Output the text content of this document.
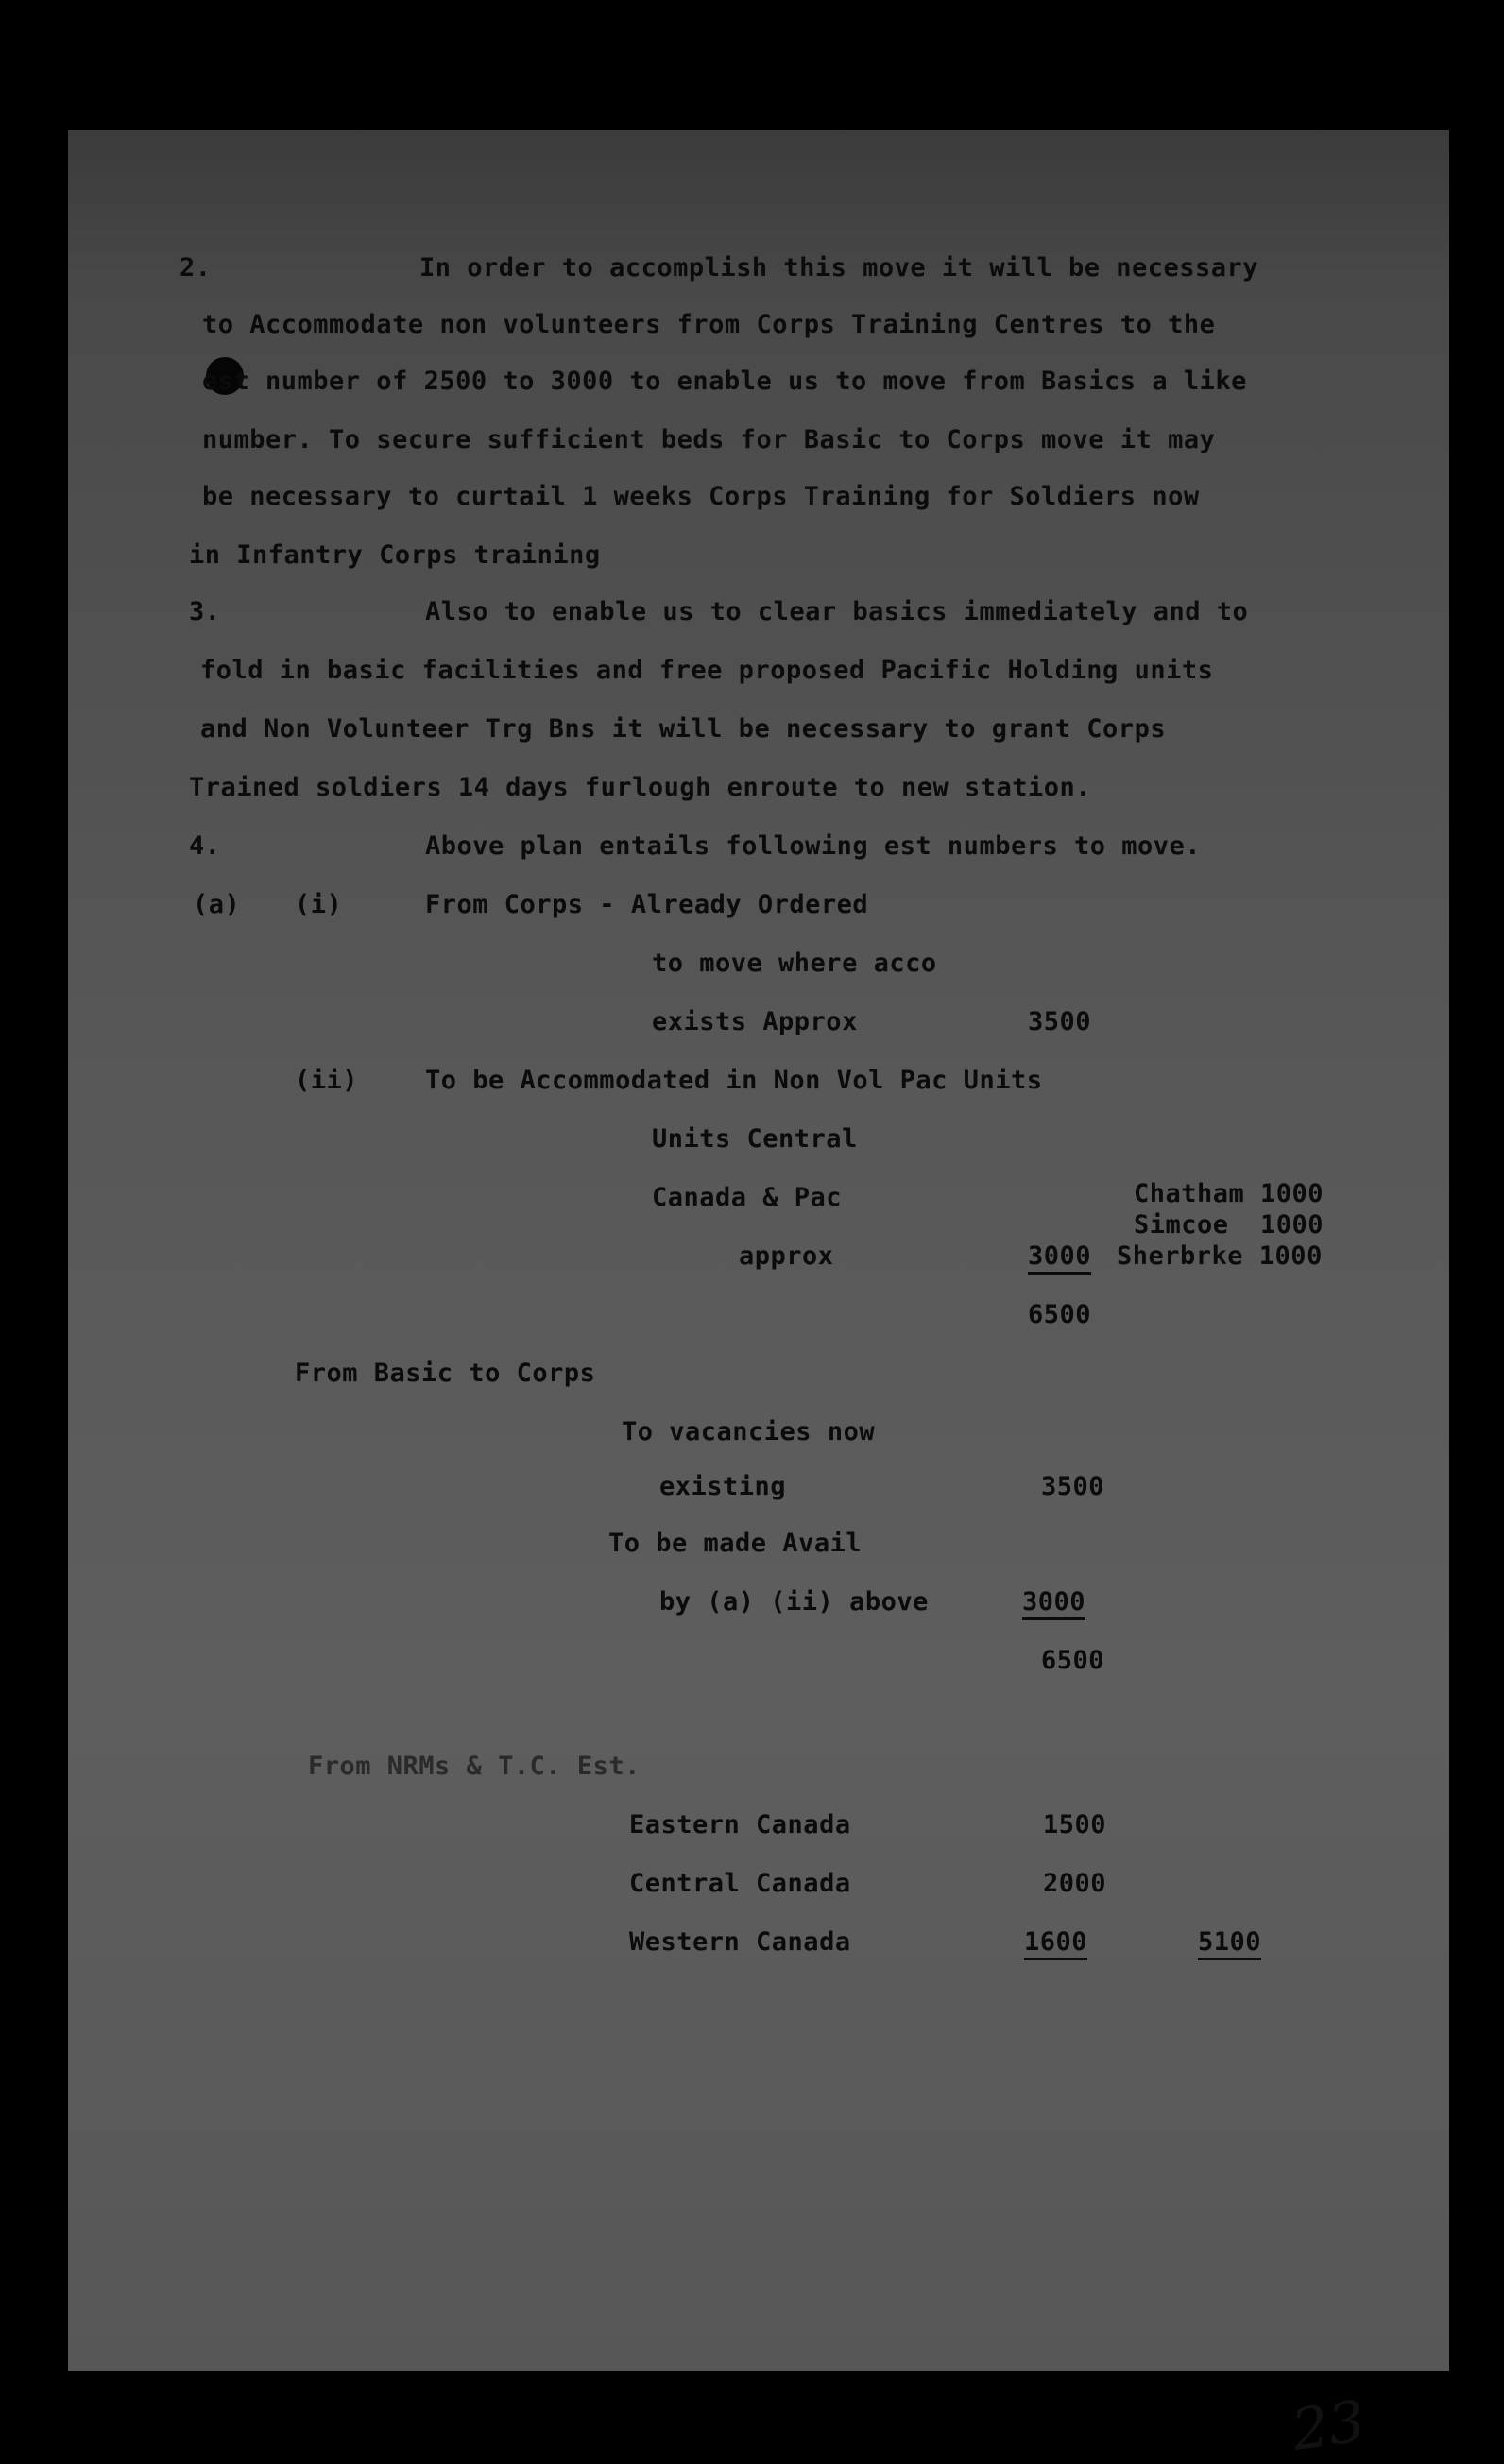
2.	In order to accomplish this move it will be necessary
to Accommodate non volunteers from Corps Training Centres to the
est number of 2500 to 3000 to enable us to move from Basics a like
number. To secure sufficient beds for Basic to Corps move it may
be necessary to curtail 1 weeks Corps Training for Soldiers now
in Infantry Corps training
3.	Also to enable us to clear basics immediately and to
fold in basic facilities and free proposed Pacific Holding units
and Non Volunteer Trg Bns it will be necessary to grant Corps
Trained soldiers 14 days furlough enroute to new station.
4.	Above plan entails following est numbers to move.
(a) (i)	From Corps - Already Ordered
to move where acco
exists Approx	3500
(ii)	To be Accommodated in Non Vol Pac Units
Units Central
Canada & Pac
approx	3000
Chatham 1000
Simcoe  1000
Sherbrke 1000
6500
From Basic to Corps
To vacancies now
existing	3500
To be made Avail
by (a) (ii) above	3000
6500
From NRMs & T.C. Est.
Eastern Canada	1500
Central Canada	2000
Western Canada	1600	5100
23
